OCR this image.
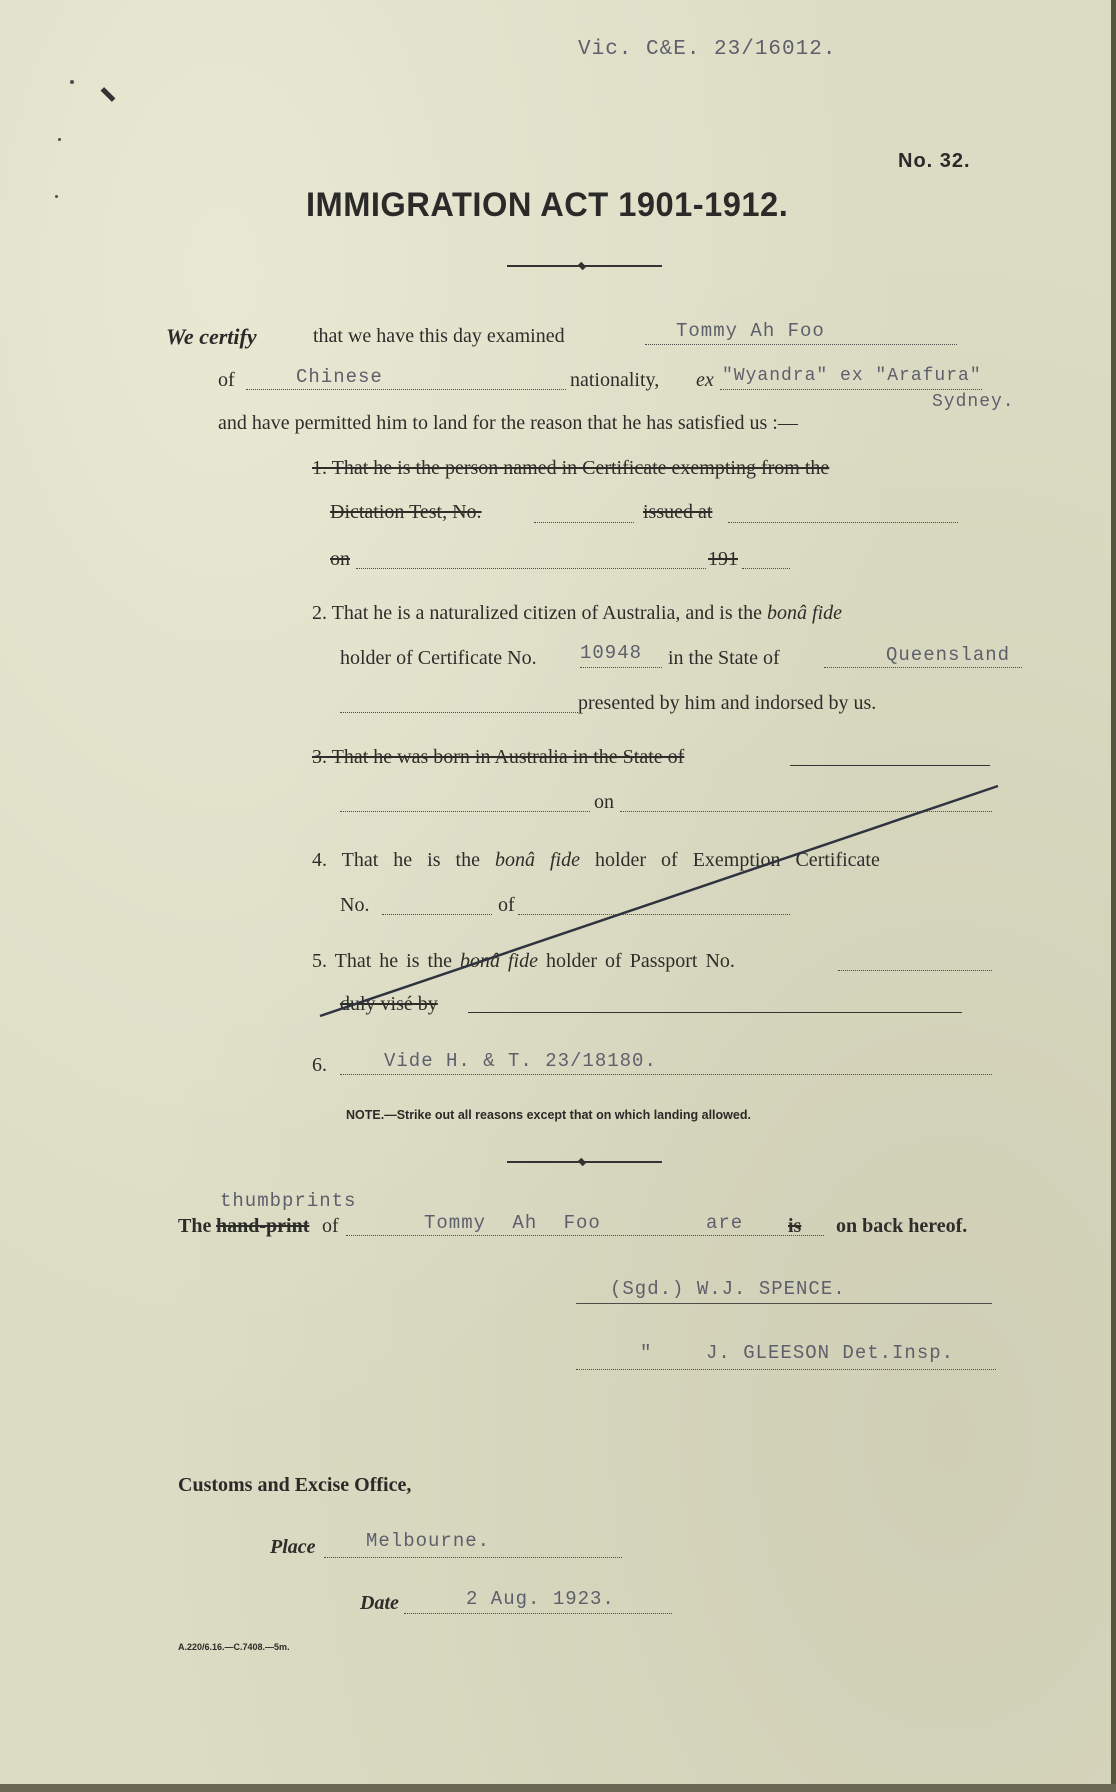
Vic. C&E. 23/16012.
No. 32.
IMMIGRATION ACT 1901-1912.
We certify	that we have this day examined	Tommy Ah Foo
of	Chinese	nationality, ex "Wyandra" ex "Arafura"
Sydney.
and have permitted him to land for the reason that he has satisfied us :—
1. That he is the person named in Certificate exempting from the
Dictation Test, No.	issued at
on	191
2. That he is a naturalized citizen of Australia, and is the bonâ fide
holder of Certificate No. 10948 in the State of	Queensland
presented by him and indorsed by us.
3. That he was born in Australia in the State of
on
4. That he is the bonâ fide holder of Exemption Certificate
No.	of
5. That he is the bonâ fide holder of Passport No.
duly visé by
6.	Vide H. & T. 23/18180.
NOTE.—Strike out all reasons except that on which landing allowed.
thumbprints
The hand-print of	Tommy Ah Foo	are is on back hereof.
(Sgd.) W.J. SPENCE.
"	J. GLEESON Det.Insp.
Customs and Excise Office,
Place	Melbourne.
Date	2 Aug. 1923.
A.220/6.16.—C.7408.—5m.
